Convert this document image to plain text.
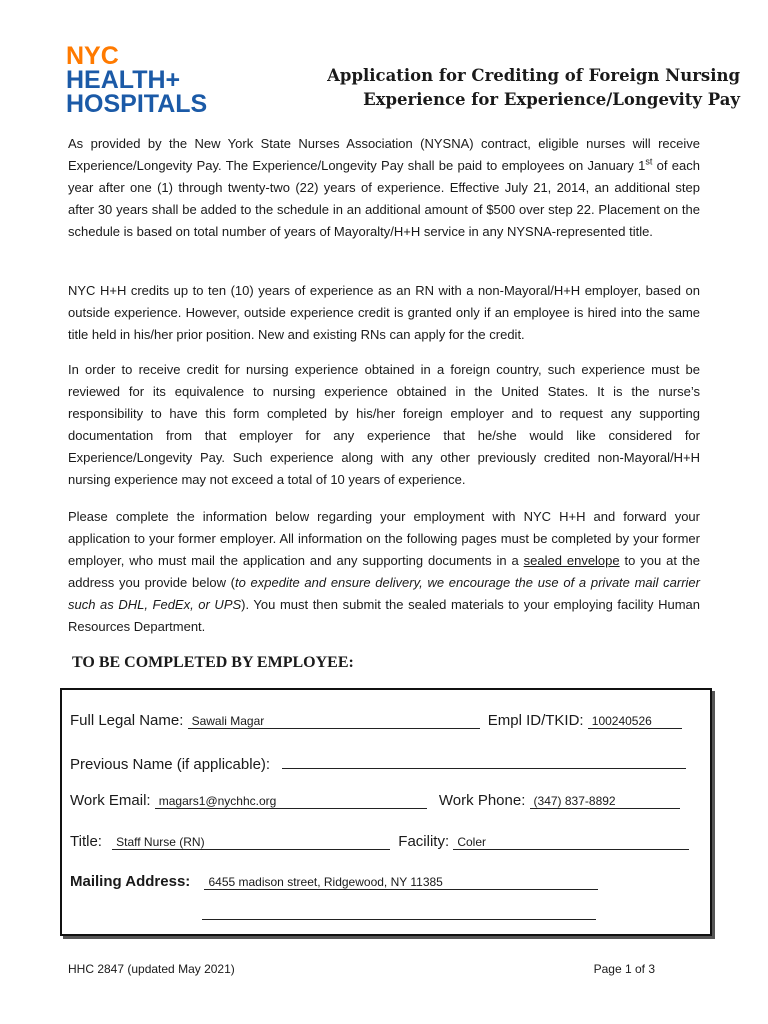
NYC
HEALTH+
HOSPITALS
Application for Crediting of Foreign Nursing
Experience for Experience/Longevity Pay

As provided by the New York State Nurses Association (NYSNA) contract, eligible nurses will receive Experience/Longevity Pay. The Experience/Longevity Pay shall be paid to employees on January 1st of each year after one (1) through twenty-two (22) years of experience. Effective July 21, 2014, an additional step after 30 years shall be added to the schedule in an additional amount of $500 over step 22. Placement on the schedule is based on total number of years of Mayoralty/H+H service in any NYSNA-represented title.

NYC H+H credits up to ten (10) years of experience as an RN with a non-Mayoral/H+H employer, based on outside experience. However, outside experience credit is granted only if an employee is hired into the same title held in his/her prior position. New and existing RNs can apply for the credit.

In order to receive credit for nursing experience obtained in a foreign country, such experience must be reviewed for its equivalence to nursing experience obtained in the United States. It is the nurse’s responsibility to have this form completed by his/her foreign employer and to request any supporting documentation from that employer for any experience that he/she would like considered for Experience/Longevity Pay. Such experience along with any other previously credited non-Mayoral/H+H nursing experience may not exceed a total of 10 years of experience.

Please complete the information below regarding your employment with NYC H+H and forward your application to your former employer. All information on the following pages must be completed by your former employer, who must mail the application and any supporting documents in a sealed envelope to you at the address you provide below (to expedite and ensure delivery, we encourage the use of a private mail carrier such as DHL, FedEx, or UPS). You must then submit the sealed materials to your employing facility Human Resources Department.

TO BE COMPLETED BY EMPLOYEE:
Full Legal Name: Sawali Magar	Empl ID/TKID: 100240526
Previous Name (if applicable):
Work Email: magars1@nychhc.org	Work Phone: (347) 837-8892
Title: Staff Nurse (RN)	Facility: Coler
Mailing Address: 6455 madison street, Ridgewood, NY 11385
HHC 2847 (updated May 2021)	Page 1 of 3
